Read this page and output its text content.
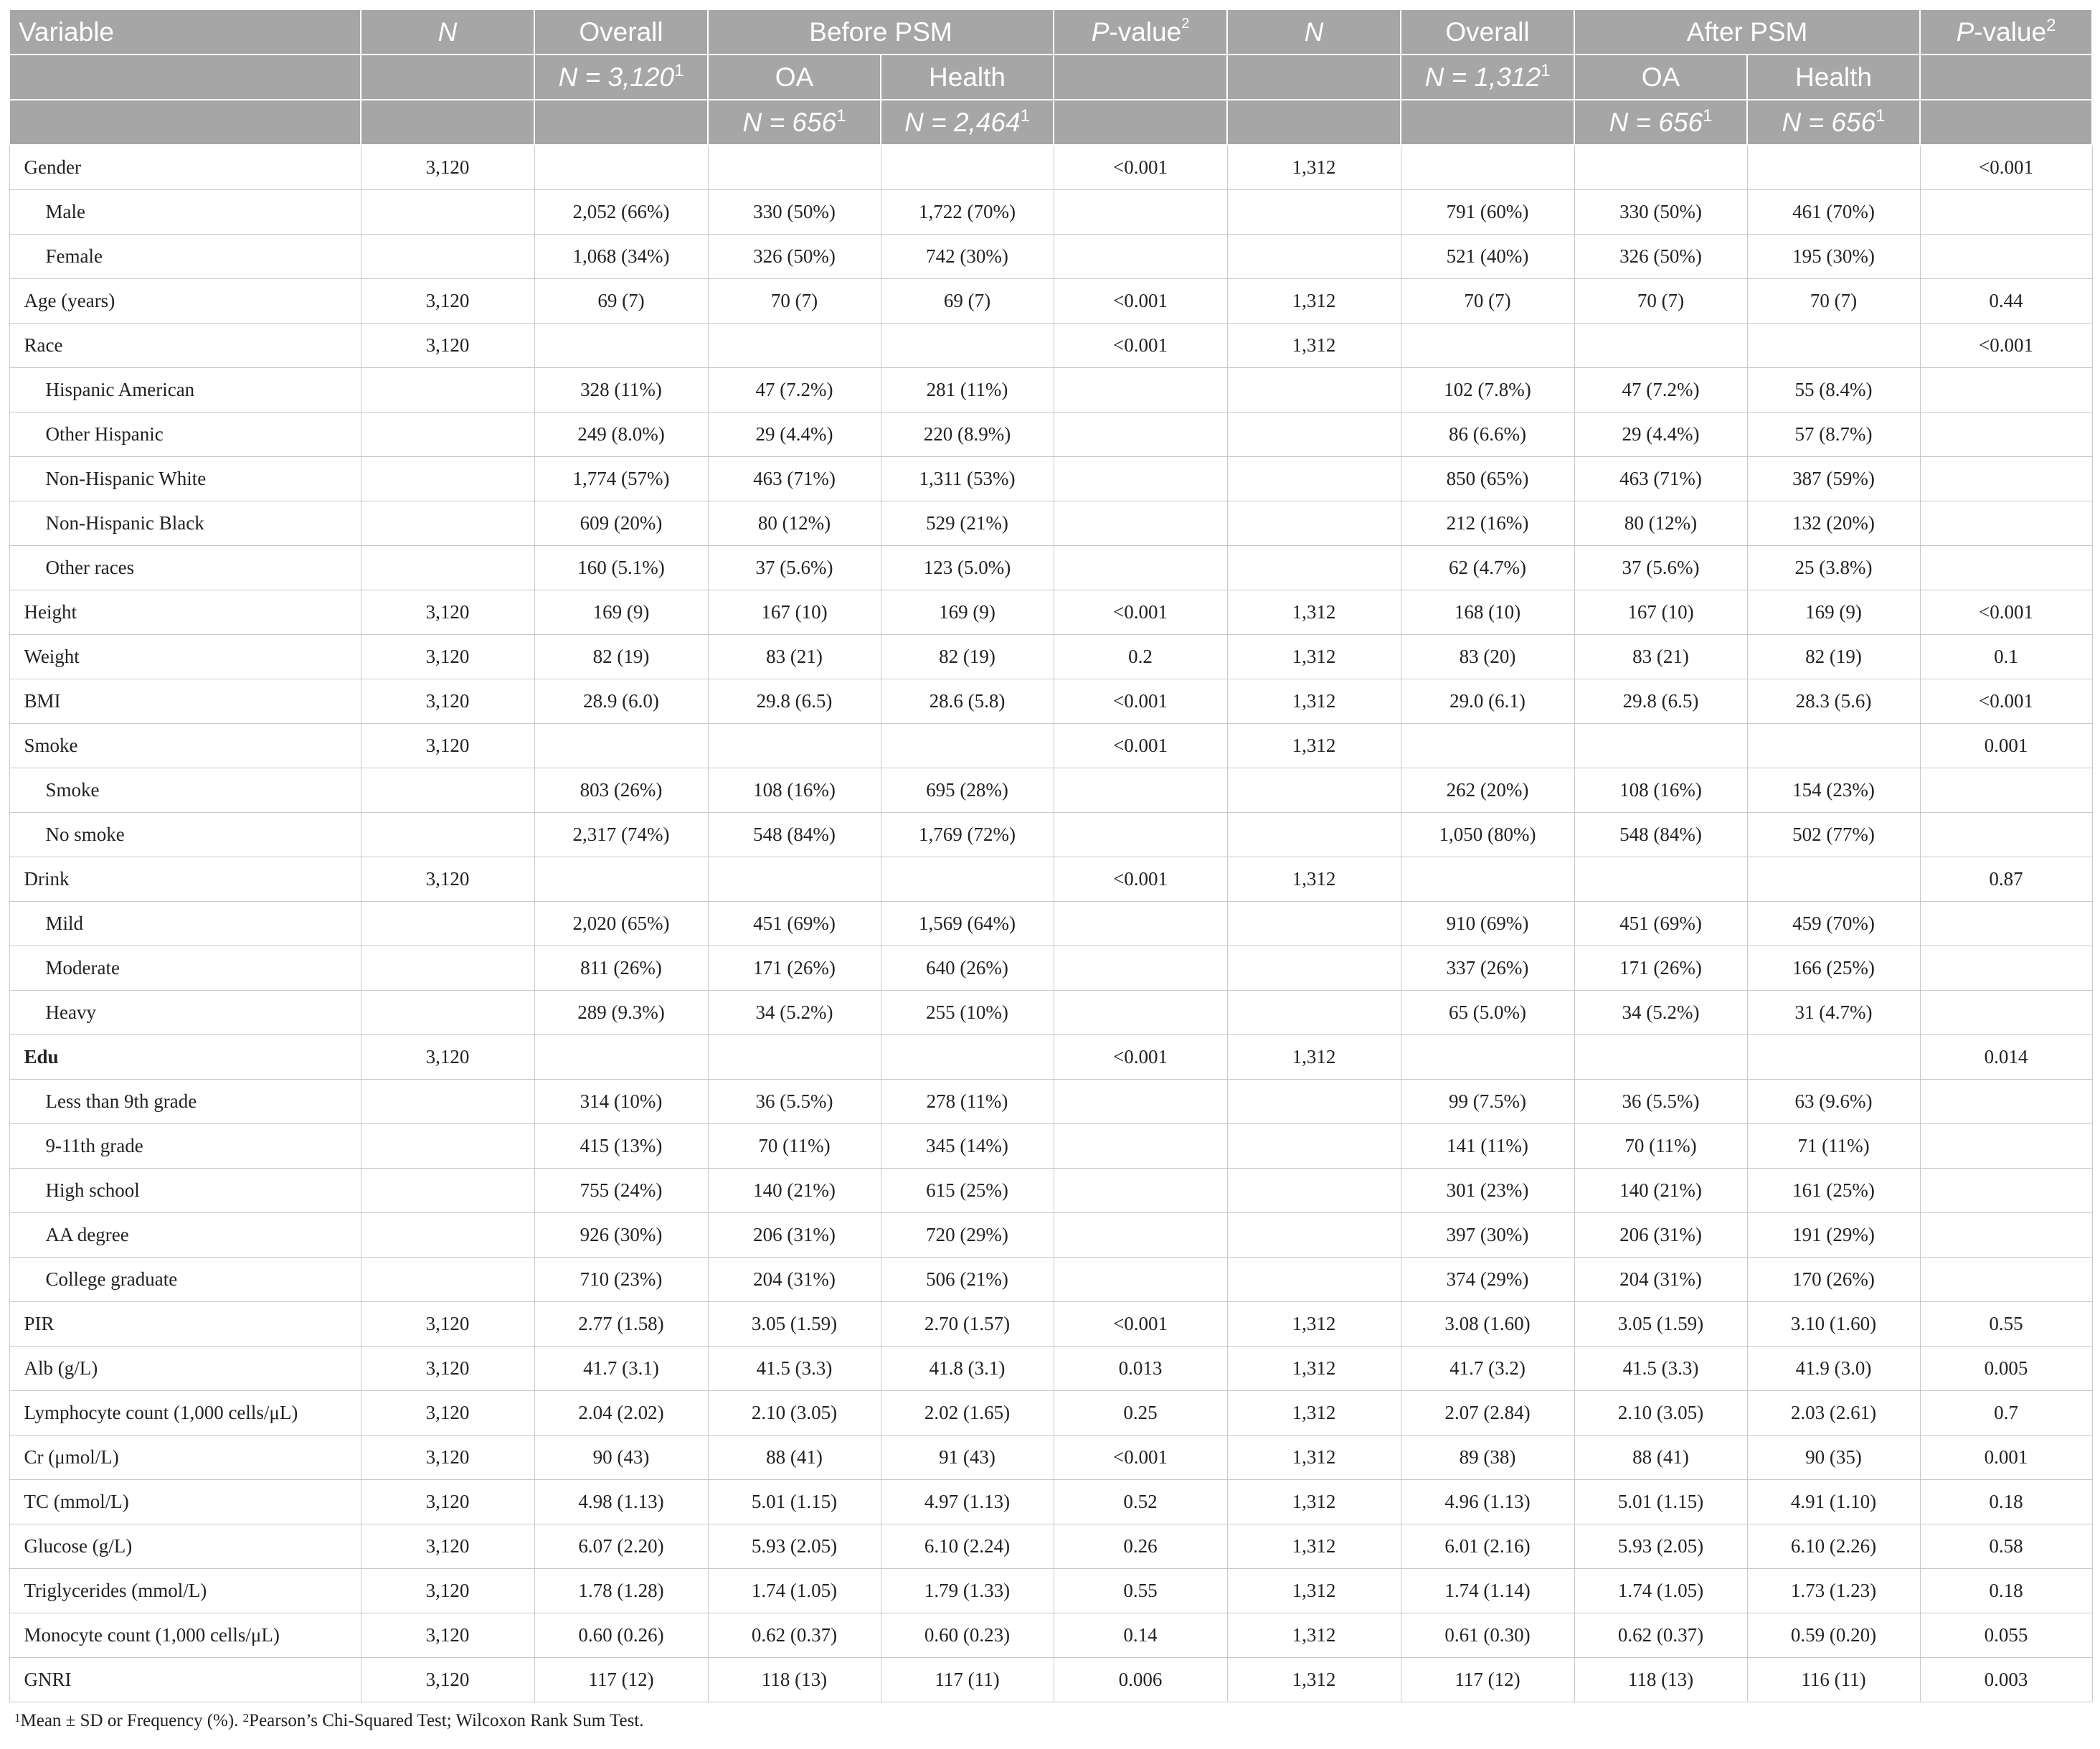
Variable	N	Overall	Before PSM		P-value$^2$	N	Overall	After PSM		P-value$^2$
		$N = 3,120^1$	OA	Health			$N = 1,312^1$	OA	Health	
			$N = 656^1$	$N = 2,464^1$				$N = 656^1$	$N = 656^1$	
Gender	3,120				<0.001	1,312				<0.001
Male		2,052 (66%)	330 (50%)	1,722 (70%)			791 (60%)	330 (50%)	461 (70%)	
Female		1,068 (34%)	326 (50%)	742 (30%)			521 (40%)	326 (50%)	195 (30%)	
Age (years)	3,120	69 (7)	70 (7)	69 (7)	<0.001	1,312	70 (7)	70 (7)	70 (7)	0.44
Race	3,120				<0.001	1,312				<0.001
Hispanic American		328 (11%)	47 (7.2%)	281 (11%)			102 (7.8%)	47 (7.2%)	55 (8.4%)	
Other Hispanic		249 (8.0%)	29 (4.4%)	220 (8.9%)			86 (6.6%)	29 (4.4%)	57 (8.7%)	
Non-Hispanic White		1,774 (57%)	463 (71%)	1,311 (53%)			850 (65%)	463 (71%)	387 (59%)	
Non-Hispanic Black		609 (20%)	80 (12%)	529 (21%)			212 (16%)	80 (12%)	132 (20%)	
Other races		160 (5.1%)	37 (5.6%)	123 (5.0%)			62 (4.7%)	37 (5.6%)	25 (3.8%)	
Height	3,120	169 (9)	167 (10)	169 (9)	<0.001	1,312	168 (10)	167 (10)	169 (9)	<0.001
Weight	3,120	82 (19)	83 (21)	82 (19)	0.2	1,312	83 (20)	83 (21)	82 (19)	0.1
BMI	3,120	28.9 (6.0)	29.8 (6.5)	28.6 (5.8)	<0.001	1,312	29.0 (6.1)	29.8 (6.5)	28.3 (5.6)	<0.001
Smoke	3,120				<0.001	1,312				0.001
Smoke		803 (26%)	108 (16%)	695 (28%)			262 (20%)	108 (16%)	154 (23%)	
No smoke		2,317 (74%)	548 (84%)	1,769 (72%)			1,050 (80%)	548 (84%)	502 (77%)	
Drink	3,120				<0.001	1,312				0.87
Mild		2,020 (65%)	451 (69%)	1,569 (64%)			910 (69%)	451 (69%)	459 (70%)	
Moderate		811 (26%)	171 (26%)	640 (26%)			337 (26%)	171 (26%)	166 (25%)	
Heavy		289 (9.3%)	34 (5.2%)	255 (10%)			65 (5.0%)	34 (5.2%)	31 (4.7%)	
Edu	3,120				<0.001	1,312				0.014
Less than 9th grade		314 (10%)	36 (5.5%)	278 (11%)			99 (7.5%)	36 (5.5%)	63 (9.6%)	
9-11th grade		415 (13%)	70 (11%)	345 (14%)			141 (11%)	70 (11%)	71 (11%)	
High school		755 (24%)	140 (21%)	615 (25%)			301 (23%)	140 (21%)	161 (25%)	
AA degree		926 (30%)	206 (31%)	720 (29%)			397 (30%)	206 (31%)	191 (29%)	
College graduate		710 (23%)	204 (31%)	506 (21%)			374 (29%)	204 (31%)	170 (26%)	
PIR	3,120	2.77 (1.58)	3.05 (1.59)	2.70 (1.57)	<0.001	1,312	3.08 (1.60)	3.05 (1.59)	3.10 (1.60)	0.55
Alb (g/L)	3,120	41.7 (3.1)	41.5 (3.3)	41.8 (3.1)	0.013	1,312	41.7 (3.2)	41.5 (3.3)	41.9 (3.0)	0.005
Lymphocyte count (1,000 cells/μL)	3,120	2.04 (2.02)	2.10 (3.05)	2.02 (1.65)	0.25	1,312	2.07 (2.84)	2.10 (3.05)	2.03 (2.61)	0.7
Cr (μmol/L)	3,120	90 (43)	88 (41)	91 (43)	<0.001	1,312	89 (38)	88 (41)	90 (35)	0.001
TC (mmol/L)	3,120	4.98 (1.13)	5.01 (1.15)	4.97 (1.13)	0.52	1,312	4.96 (1.13)	5.01 (1.15)	4.91 (1.10)	0.18
Glucose (g/L)	3,120	6.07 (2.20)	5.93 (2.05)	6.10 (2.24)	0.26	1,312	6.01 (2.16)	5.93 (2.05)	6.10 (2.26)	0.58
Triglycerides (mmol/L)	3,120	1.78 (1.28)	1.74 (1.05)	1.79 (1.33)	0.55	1,312	1.74 (1.14)	1.74 (1.05)	1.73 (1.23)	0.18
Monocyte count (1,000 cells/μL)	3,120	0.60 (0.26)	0.62 (0.37)	0.60 (0.23)	0.14	1,312	0.61 (0.30)	0.62 (0.37)	0.59 (0.20)	0.055
GNRI	3,120	117 (12)	118 (13)	117 (11)	0.006	1,312	117 (12)	118 (13)	116 (11)	0.003
$^1$Mean ± SD or Frequency (%). $^2$Pearson’s Chi-Squared Test; Wilcoxon Rank Sum Test.
